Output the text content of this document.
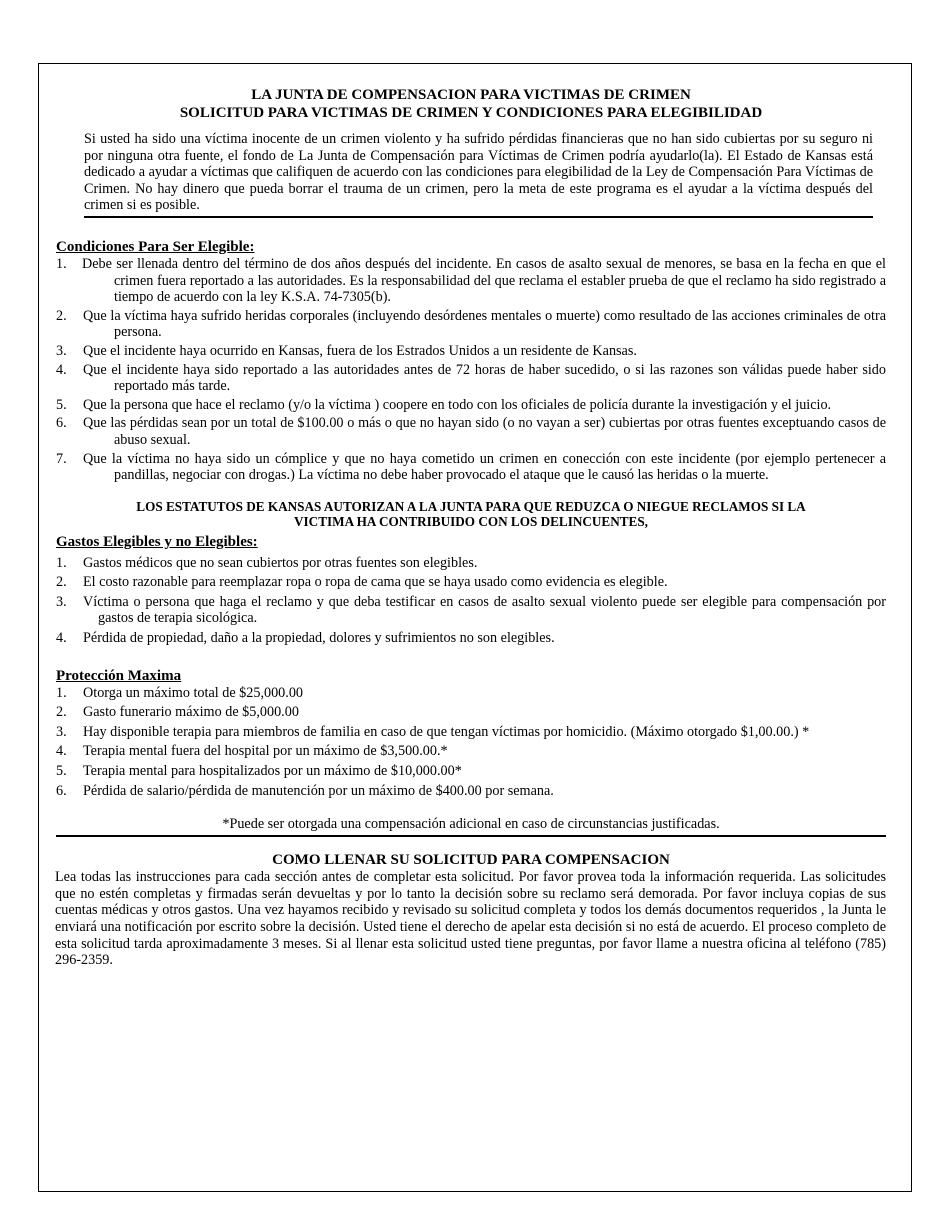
LA JUNTA DE COMPENSACION PARA VICTIMAS DE CRIMEN

SOLICITUD PARA VICTIMAS DE CRIMEN Y CONDICIONES PARA ELEGIBILIDAD

Si usted ha sido una víctima inocente de un crimen violento y ha sufrido pérdidas financieras que no han sido cubiertas por su seguro ni por ninguna otra fuente, el fondo de La Junta de Compensación para Víctimas de Crimen podría ayudarlo(la). El Estado de Kansas está dedicado a ayudar a víctimas que califiquen de acuerdo con las condiciones para elegibilidad de la Ley de Compensación Para Víctimas de Crimen. No hay dinero que pueda borrar el trauma de un crimen, pero la meta de este programa es el ayudar a la víctima después del crimen si es posible.

Condiciones Para Ser Elegible:

1. Debe ser llenada dentro del término de dos años después del incidente. En casos de asalto sexual de menores, se basa en la fecha en que el crimen fuera reportado a las autoridades. Es la responsabilidad del que reclama el establer prueba de que el reclamo ha sido registrado a tiempo de acuerdo con la ley K.S.A. 74-7305(b).
2. Que la víctima haya sufrido heridas corporales (incluyendo desórdenes mentales o muerte) como resultado de las acciones criminales de otra persona.
3. Que el incidente haya ocurrido en Kansas, fuera de los Estrados Unidos a un residente de Kansas.
4. Que el incidente haya sido reportado a las autoridades antes de 72 horas de haber sucedido, o si las razones son válidas puede haber sido reportado más tarde.
5. Que la persona que hace el reclamo (y/o la víctima ) coopere en todo con los oficiales de policía durante la investigación y el juicio.
6. Que las pérdidas sean por un total de $100.00 o más o que no hayan sido (o no vayan a ser) cubiertas por otras fuentes exceptuando casos de abuso sexual.
7. Que la víctima no haya sido un cómplice y que no haya cometido un crimen en conección con este incidente (por ejemplo pertenecer a pandillas, negociar con drogas.) La víctima no debe haber provocado el ataque que le causó las heridas o la muerte.

LOS ESTATUTOS DE KANSAS AUTORIZAN A LA JUNTA PARA QUE REDUZCA O NIEGUE RECLAMOS SI LA
VICTIMA HA CONTRIBUIDO CON LOS DELINCUENTES,

Gastos Elegibles y no Elegibles:

1. Gastos médicos que no sean cubiertos por otras fuentes son elegibles.
2. El costo razonable para reemplazar ropa o ropa de cama que se haya usado como evidencia es elegible.
3. Víctima o persona que haga el reclamo y que deba testificar en casos de asalto sexual violento puede ser elegible para compensación por gastos de terapia sicológica.
4. Pérdida de propiedad, daño a la propiedad, dolores y sufrimientos no son elegibles.

Protección Maxima

1. Otorga un máximo total de $25,000.00
2. Gasto funerario máximo de $5,000.00
3. Hay disponible terapia para miembros de familia en caso de que tengan víctimas por homicidio. (Máximo otorgado $1,00.00.) *
4. Terapia mental fuera del hospital por un máximo de $3,500.00.*
5. Terapia mental para hospitalizados por un máximo de $10,000.00*
6. Pérdida de salario/pérdida de manutención por un máximo de $400.00 por semana.

*Puede ser otorgada una compensación adicional en caso de circunstancias justificadas.

COMO LLENAR SU SOLICITUD PARA COMPENSACION

Lea todas las instrucciones para cada sección antes de completar esta solicitud. Por favor provea toda la información requerida. Las solicitudes que no estén completas y firmadas serán devueltas y por lo tanto la decisión sobre su reclamo será demorada. Por favor incluya copias de sus cuentas médicas y otros gastos. Una vez hayamos recibido y revisado su solicitud completa y todos los demás documentos requeridos , la Junta le enviará una notificación por escrito sobre la decisión. Usted tiene el derecho de apelar esta decisión si no está de acuerdo. El proceso completo de esta solicitud tarda aproximadamente 3 meses. Si al llenar esta solicitud usted tiene preguntas, por favor llame a nuestra oficina al teléfono (785) 296-2359.
